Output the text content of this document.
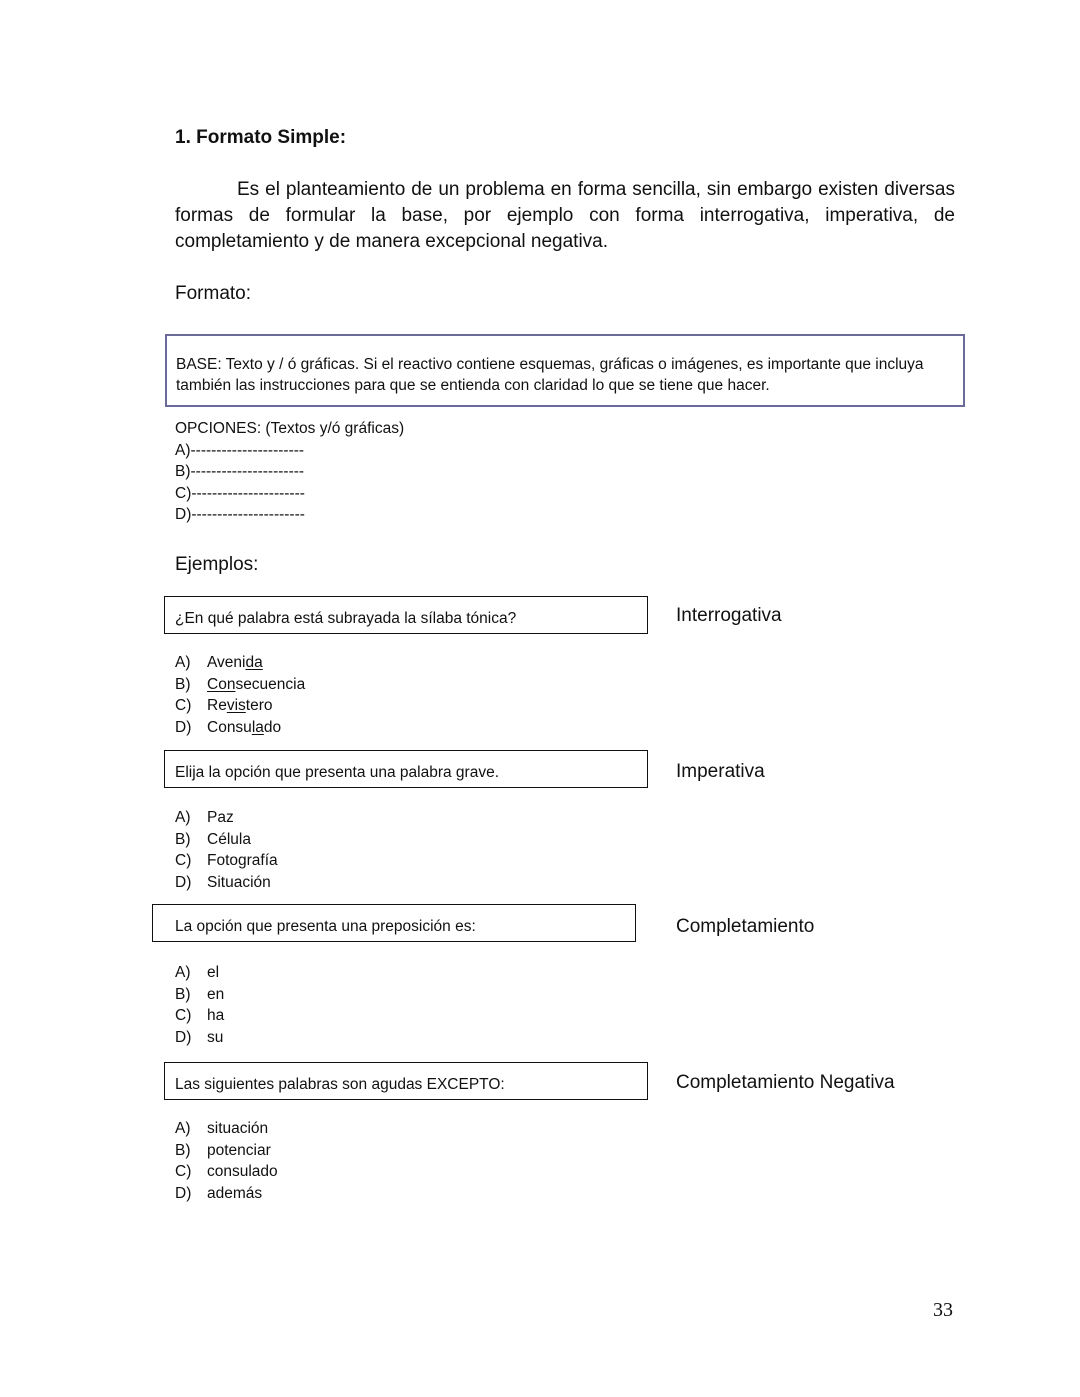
1. Formato Simple:
Es el planteamiento de un problema en forma sencilla, sin embargo existen diversas formas de formular la base, por ejemplo con forma interrogativa, imperativa, de completamiento y de manera excepcional negativa.
Formato:
BASE: Texto y / ó gráficas. Si el reactivo contiene esquemas, gráficas o imágenes, es importante que incluya
también las instrucciones para que se entienda con claridad lo que se tiene que hacer.
OPCIONES: (Textos y/ó gráficas)
A)----------------------
B)----------------------
C)----------------------
D)----------------------
Ejemplos:
¿En qué palabra está subrayada la sílaba tónica?	Interrogativa
A)	Avenida
B)	Consecuencia
C)	Revistero
D)	Consulado
Elija la opción que presenta una palabra grave.	Imperativa
A)	Paz
B)	Célula
C)	Fotografía
D)	Situación
La opción que presenta una preposición es:	Completamiento
A)	el
B)	en
C)	ha
D)	su
Las siguientes palabras son agudas EXCEPTO:	Completamiento Negativa
A)	situación
B)	potenciar
C)	consulado
D)	además
33
